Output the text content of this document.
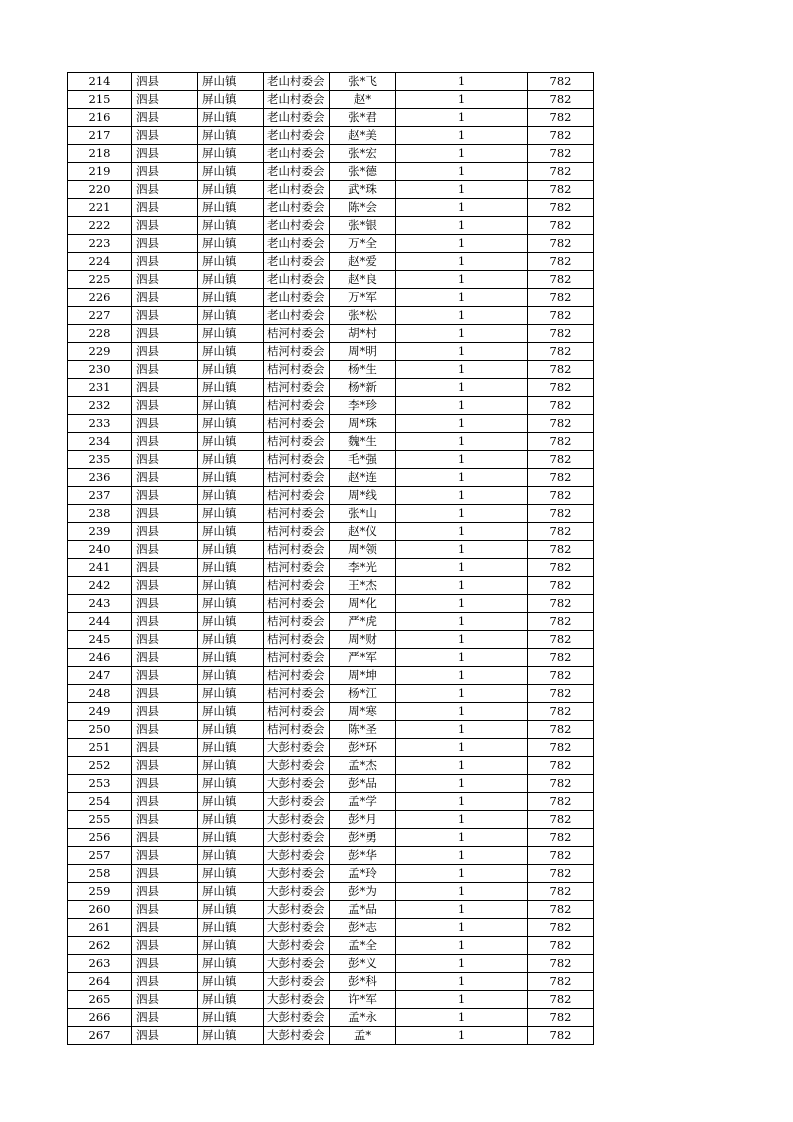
214	泗县	屏山镇	老山村委会	张*飞	1	782
215	泗县	屏山镇	老山村委会	赵*	1	782
216	泗县	屏山镇	老山村委会	张*君	1	782
217	泗县	屏山镇	老山村委会	赵*美	1	782
218	泗县	屏山镇	老山村委会	张*宏	1	782
219	泗县	屏山镇	老山村委会	张*德	1	782
220	泗县	屏山镇	老山村委会	武*珠	1	782
221	泗县	屏山镇	老山村委会	陈*会	1	782
222	泗县	屏山镇	老山村委会	张*银	1	782
223	泗县	屏山镇	老山村委会	万*全	1	782
224	泗县	屏山镇	老山村委会	赵*爱	1	782
225	泗县	屏山镇	老山村委会	赵*良	1	782
226	泗县	屏山镇	老山村委会	万*军	1	782
227	泗县	屏山镇	老山村委会	张*松	1	782
228	泗县	屏山镇	桔河村委会	胡*村	1	782
229	泗县	屏山镇	桔河村委会	周*明	1	782
230	泗县	屏山镇	桔河村委会	杨*生	1	782
231	泗县	屏山镇	桔河村委会	杨*新	1	782
232	泗县	屏山镇	桔河村委会	李*珍	1	782
233	泗县	屏山镇	桔河村委会	周*珠	1	782
234	泗县	屏山镇	桔河村委会	魏*生	1	782
235	泗县	屏山镇	桔河村委会	毛*强	1	782
236	泗县	屏山镇	桔河村委会	赵*连	1	782
237	泗县	屏山镇	桔河村委会	周*线	1	782
238	泗县	屏山镇	桔河村委会	张*山	1	782
239	泗县	屏山镇	桔河村委会	赵*仪	1	782
240	泗县	屏山镇	桔河村委会	周*领	1	782
241	泗县	屏山镇	桔河村委会	李*光	1	782
242	泗县	屏山镇	桔河村委会	王*杰	1	782
243	泗县	屏山镇	桔河村委会	周*化	1	782
244	泗县	屏山镇	桔河村委会	严*虎	1	782
245	泗县	屏山镇	桔河村委会	周*财	1	782
246	泗县	屏山镇	桔河村委会	严*军	1	782
247	泗县	屏山镇	桔河村委会	周*坤	1	782
248	泗县	屏山镇	桔河村委会	杨*江	1	782
249	泗县	屏山镇	桔河村委会	周*寒	1	782
250	泗县	屏山镇	桔河村委会	陈*圣	1	782
251	泗县	屏山镇	大彭村委会	彭*环	1	782
252	泗县	屏山镇	大彭村委会	孟*杰	1	782
253	泗县	屏山镇	大彭村委会	彭*品	1	782
254	泗县	屏山镇	大彭村委会	孟*学	1	782
255	泗县	屏山镇	大彭村委会	彭*月	1	782
256	泗县	屏山镇	大彭村委会	彭*勇	1	782
257	泗县	屏山镇	大彭村委会	彭*华	1	782
258	泗县	屏山镇	大彭村委会	孟*玲	1	782
259	泗县	屏山镇	大彭村委会	彭*为	1	782
260	泗县	屏山镇	大彭村委会	孟*品	1	782
261	泗县	屏山镇	大彭村委会	彭*志	1	782
262	泗县	屏山镇	大彭村委会	孟*全	1	782
263	泗县	屏山镇	大彭村委会	彭*义	1	782
264	泗县	屏山镇	大彭村委会	彭*科	1	782
265	泗县	屏山镇	大彭村委会	许*军	1	782
266	泗县	屏山镇	大彭村委会	孟*永	1	782
267	泗县	屏山镇	大彭村委会	孟*	1	782
